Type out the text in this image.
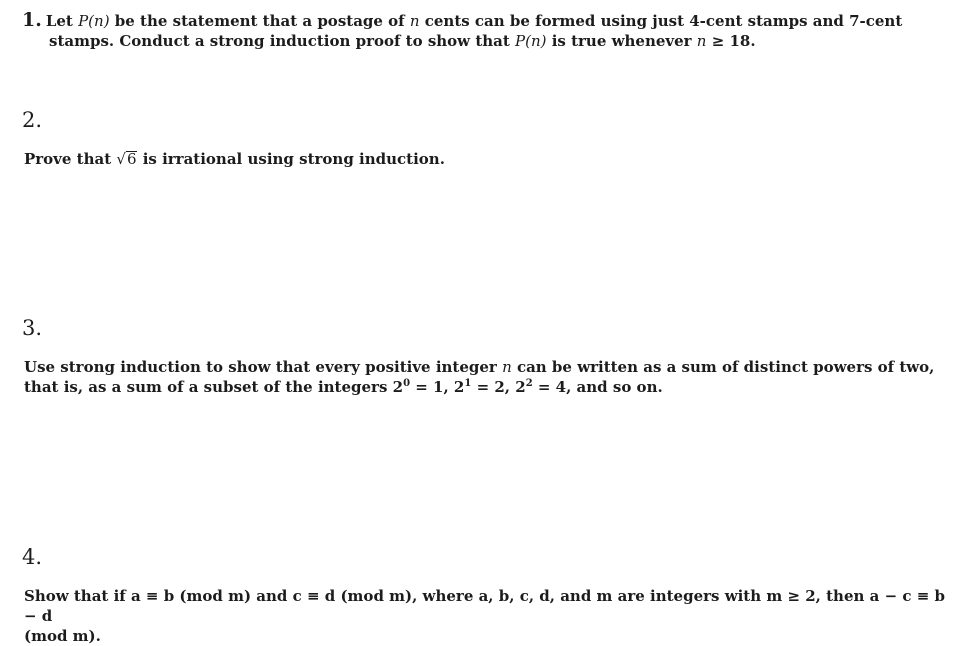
1. Let P(n) be the statement that a postage of n cents can be formed using just 4-cent stamps and 7-cent
stamps. Conduct a strong induction proof to show that P(n) is true whenever n ≥ 18.
2.
Prove that √6 is irrational using strong induction.
3.
Use strong induction to show that every positive integer n can be written as a sum of distinct powers of two,
that is, as a sum of a subset of the integers $2^0 = 1$, $2^1 = 2$, $2^2 = 4$, and so on.
4.
Show that if a ≡ b (mod m) and c ≡ d (mod m), where a, b, c, d, and m are integers with m ≥ 2, then a − c ≡ b − d
(mod m).
